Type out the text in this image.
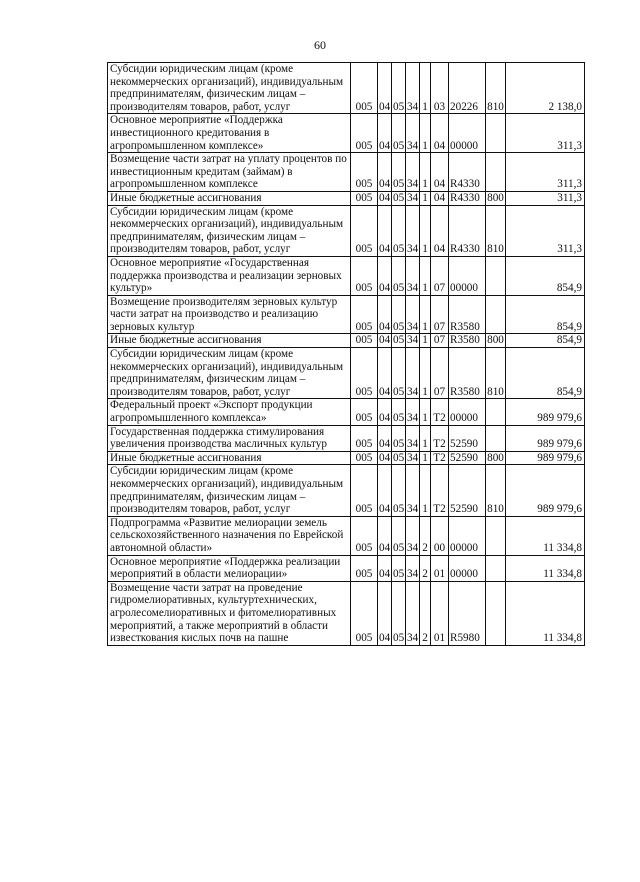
60
Субсидии юридическим лицам (кроме некоммерческих организаций), индивидуальным предпринимателям, физическим лицам – производителям товаров, работ, услуг	005	04	05	34	1	03	20226	810	2 138,0
Основное мероприятие «Поддержка инвестиционного кредитования в агропромышленном комплексе»	005	04	05	34	1	04	00000		311,3
Возмещение части затрат на уплату процентов по инвестиционным кредитам (займам) в агропромышленном комплексе	005	04	05	34	1	04	R4330		311,3
Иные бюджетные ассигнования	005	04	05	34	1	04	R4330	800	311,3
Субсидии юридическим лицам (кроме некоммерческих организаций), индивидуальным предпринимателям, физическим лицам – производителям товаров, работ, услуг	005	04	05	34	1	04	R4330	810	311,3
Основное мероприятие «Государственная поддержка производства и реализации зерновых культур»	005	04	05	34	1	07	00000		854,9
Возмещение производителям зерновых культур части затрат на производство и реализацию зерновых культур	005	04	05	34	1	07	R3580		854,9
Иные бюджетные ассигнования	005	04	05	34	1	07	R3580	800	854,9
Субсидии юридическим лицам (кроме некоммерческих организаций), индивидуальным предпринимателям, физическим лицам – производителям товаров, работ, услуг	005	04	05	34	1	07	R3580	810	854,9
Федеральный проект «Экспорт продукции агропромышленного комплекса»	005	04	05	34	1	T2	00000		989 979,6
Государственная поддержка стимулирования увеличения производства масличных культур	005	04	05	34	1	T2	52590		989 979,6
Иные бюджетные ассигнования	005	04	05	34	1	T2	52590	800	989 979,6
Субсидии юридическим лицам (кроме некоммерческих организаций), индивидуальным предпринимателям, физическим лицам – производителям товаров, работ, услуг	005	04	05	34	1	T2	52590	810	989 979,6
Подпрограмма «Развитие мелиорации земель сельскохозяйственного назначения по Еврейской автономной области»	005	04	05	34	2	00	00000		11 334,8
Основное мероприятие «Поддержка реализации мероприятий в области мелиорации»	005	04	05	34	2	01	00000		11 334,8
Возмещение части затрат на проведение гидромелиоративных, культуртехнических, агролесомелиоративных и фитомелиоративных мероприятий, а также мероприятий в области известкования кислых почв на пашне	005	04	05	34	2	01	R5980		11 334,8
